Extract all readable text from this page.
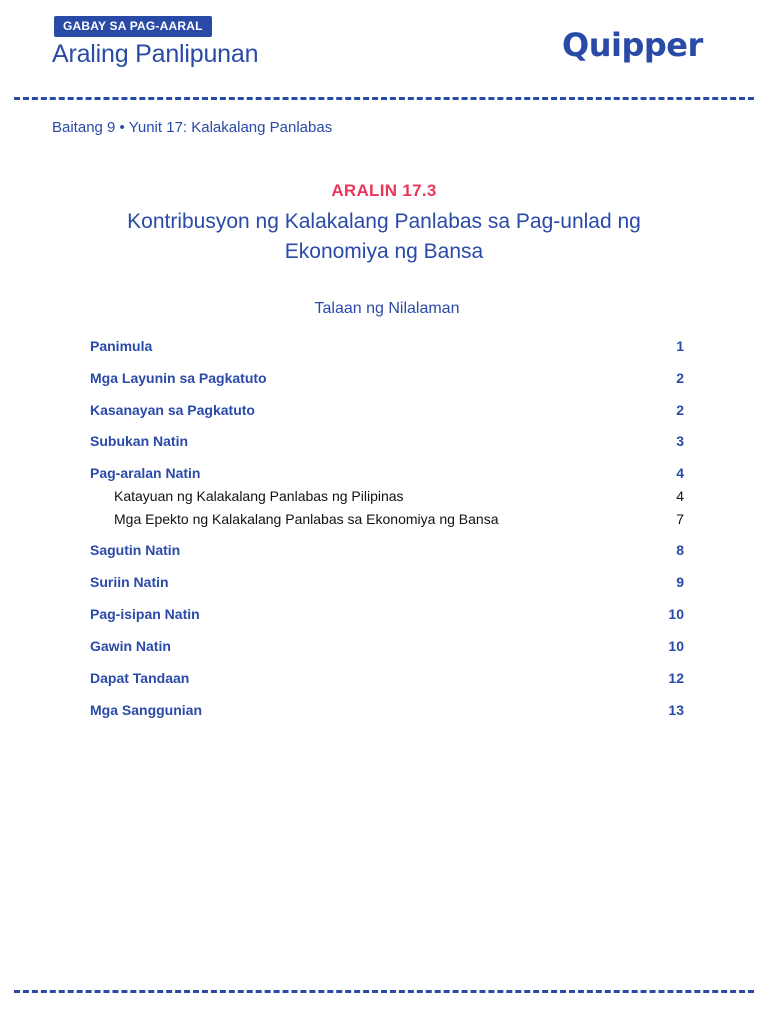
GABAY SA PAG-AARAL
Araling Panlipunan	Quipper
Baitang 9 • Yunit 17: Kalakalang Panlabas
ARALIN 17.3
Kontribusyon ng Kalakalang Panlabas sa Pag-unlad ng
Ekonomiya ng Bansa
Talaan ng Nilalaman
Panimula	1
Mga Layunin sa Pagkatuto	2
Kasanayan sa Pagkatuto	2
Subukan Natin	3
Pag-aralan Natin	4
Katayuan ng Kalakalang Panlabas ng Pilipinas	4
Mga Epekto ng Kalakalang Panlabas sa Ekonomiya ng Bansa	7
Sagutin Natin	8
Suriin Natin	9
Pag-isipan Natin	10
Gawin Natin	10
Dapat Tandaan	12
Mga Sanggunian	13
